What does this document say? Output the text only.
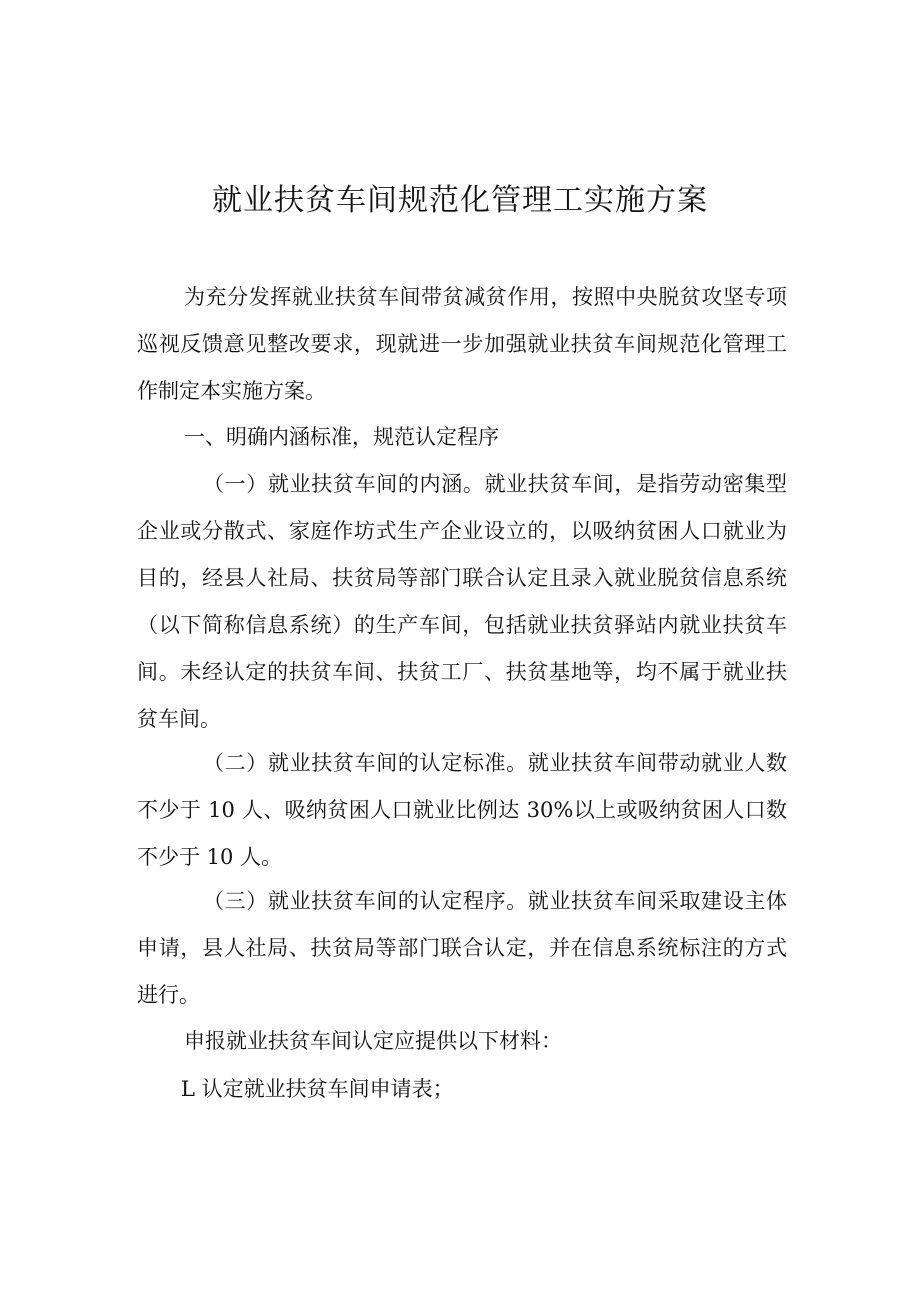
就业扶贫车间规范化管理工实施方案
为充分发挥就业扶贫车间带贫减贫作用，按照中央脱贫攻坚专项
巡视反馈意见整改要求，现就进一步加强就业扶贫车间规范化管理工
作制定本实施方案。
一、明确内涵标准，规范认定程序
（一）就业扶贫车间的内涵。就业扶贫车间，是指劳动密集型
企业或分散式、家庭作坊式生产企业设立的，以吸纳贫困人口就业为
目的，经县人社局、扶贫局等部门联合认定且录入就业脱贫信息系统
（以下简称信息系统）的生产车间，包括就业扶贫驿站内就业扶贫车
间。未经认定的扶贫车间、扶贫工厂、扶贫基地等，均不属于就业扶
贫车间。
（二）就业扶贫车间的认定标准。就业扶贫车间带动就业人数
不少于 10 人、吸纳贫困人口就业比例达 30%以上或吸纳贫困人口数
不少于 10 人。
（三）就业扶贫车间的认定程序。就业扶贫车间采取建设主体
申请，县人社局、扶贫局等部门联合认定，并在信息系统标注的方式
进行。
申报就业扶贫车间认定应提供以下材料：
L 认定就业扶贫车间申请表；
